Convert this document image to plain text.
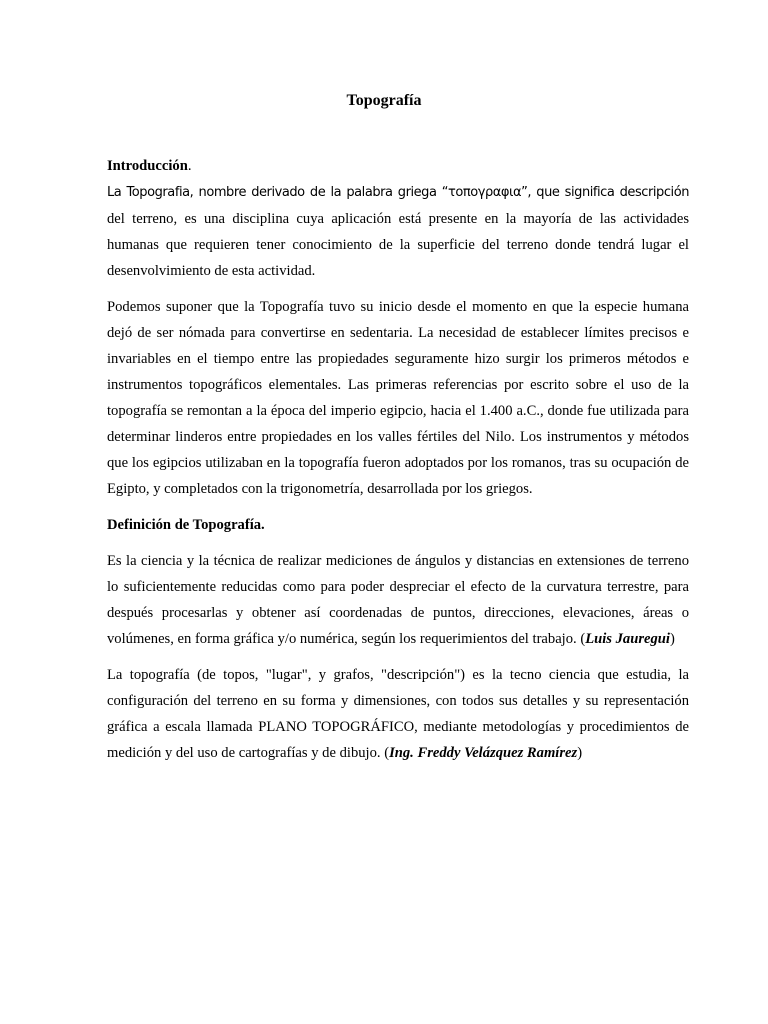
Topografía

Introducción.

La Topografia, nombre derivado de la palabra griega “τοπογραφια”, que significa descripción del terreno, es una disciplina cuya aplicación está presente en la mayoría de las actividades humanas que requieren tener conocimiento de la superficie del terreno donde tendrá lugar el desenvolvimiento de esta actividad.

Podemos suponer que la Topografía tuvo su inicio desde el momento en que la especie humana dejó de ser nómada para convertirse en sedentaria. La necesidad de establecer límites precisos e invariables en el tiempo entre las propiedades seguramente hizo surgir los primeros métodos e instrumentos topográficos elementales. Las primeras referencias por escrito sobre el uso de la topografía se remontan a la época del imperio egipcio, hacia el 1.400 a.C., donde fue utilizada para determinar linderos entre propiedades en los valles fértiles del Nilo. Los instrumentos y métodos que los egipcios utilizaban en la topografía fueron adoptados por los romanos, tras su ocupación de Egipto, y completados con la trigonometría, desarrollada por los griegos.

Definición de Topografía.

Es la ciencia y la técnica de realizar mediciones de ángulos y distancias en extensiones de terreno lo suficientemente reducidas como para poder despreciar el efecto de la curvatura terrestre, para después procesarlas y obtener así coordenadas de puntos, direcciones, elevaciones, áreas o volúmenes, en forma gráfica y/o numérica, según los requerimientos del trabajo. (Luis Jauregui)

La topografía (de topos, "lugar", y grafos, "descripción") es la tecno ciencia que estudia, la configuración del terreno en su forma y dimensiones, con todos sus detalles y su representación gráfica a escala llamada PLANO TOPOGRÁFICO, mediante metodologías y procedimientos de medición y del uso de cartografías y de dibujo. (Ing. Freddy Velázquez Ramírez)
